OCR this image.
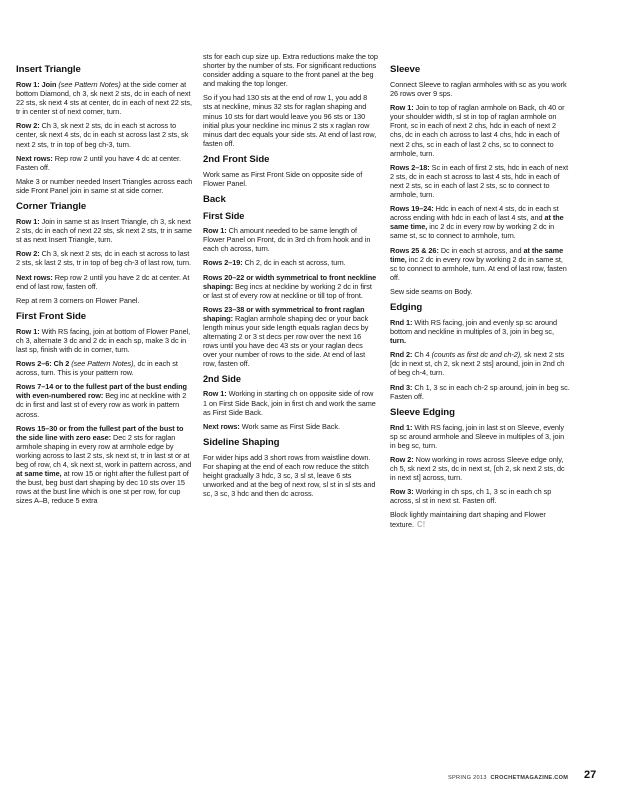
Insert Triangle

Row 1: Join (see Pattern Notes) at the side corner at bottom Diamond, ch 3, sk next 2 sts, dc in each of next 22 sts, sk next 4 sts at center, dc in each of next 22 sts, tr in center st of next corner, turn.

Row 2: Ch 3, sk next 2 sts, dc in each st across to center, sk next 4 sts, dc in each st across last 2 sts, sk next 2 sts, tr in top of beg ch-3, turn.

Next rows: Rep row 2 until you have 4 dc at center. Fasten off.

Make 3 or number needed Insert Triangles across each side Front Panel join in same st at side corner.

Corner Triangle

Row 1: Join in same st as Insert Triangle, ch 3, sk next 2 sts, dc in each of next 22 sts, sk next 2 sts, tr in same st as next Insert Triangle, turn.

Row 2: Ch 3, sk next 2 sts, dc in each st across to last 2 sts, sk last 2 sts, tr in top of beg ch-3 of last row, turn.

Next rows: Rep row 2 until you have 2 dc at center. At end of last row, fasten off.

Rep at rem 3 corners on Flower Panel.

First Front Side

Row 1: With RS facing, join at bottom of Flower Panel, ch 3, alternate 3 dc and 2 dc in each sp, make 3 dc in last sp, finish with dc in corner, turn.

Rows 2–6: Ch 2 (see Pattern Notes), dc in each st across, turn. This is your pattern row.

Rows 7–14 or to the fullest part of the bust ending with even-numbered row: Beg inc at neckline with 2 dc in first and last st of every row as work in pattern across.

Rows 15–30 or from the fullest part of the bust to the side line with zero ease: Dec 2 sts for raglan armhole shaping in every row at armhole edge by working across to last 2 sts, sk next st, tr in last st or at beg of row, ch 4, sk next st, work in pattern across, and at same time, at row 15 or right after the fullest part of the bust, beg bust dart shaping by dec 10 sts over 15 rows at the bust line which is one st per row, for cup sizes A–B, reduce 5 extra

sts for each cup size up. Extra reductions make the top shorter by the number of sts. For significant reductions consider adding a square to the front panel at the beg and making the top longer.

So if you had 130 sts at the end of row 1, you add 8 sts at neckline, minus 32 sts for raglan shaping and minus 10 sts for dart would leave you 96 sts or 130 initial plus your neckline inc minus 2 sts x raglan row minus dart dec equals your side sts. At end of last row, fasten off.

2nd Front Side

Work same as First Front Side on opposite side of Flower Panel.

Back
First Side

Row 1: Ch amount needed to be same length of Flower Panel on Front, dc in 3rd ch from hook and in each ch across, turn.

Rows 2–19: Ch 2, dc in each st across, turn.

Rows 20–22 or width symmetrical to front neckline shaping: Beg incs at neckline by working 2 dc in first or last st of every row at neckline or till top of front.

Rows 23–38 or with symmetrical to front raglan shaping: Raglan armhole shaping dec or your back length minus your side length equals raglan decs by alternating 2 or 3 st decs per row over the next 16 rows until you have dec 43 sts or your raglan decs over your number of rows to the side. At end of last row, fasten off.

2nd Side

Row 1: Working in starting ch on opposite side of row 1 on First Side Back, join in first ch and work the same as First Side Back.

Next rows: Work same as First Side Back.

Sideline Shaping

For wider hips add 3 short rows from waistline down. For shaping at the end of each row reduce the stitch height gradually 3 hdc, 3 sc, 3 sl st, leave 6 sts unworked and at the beg of next row, sl st in sl sts and sc, 3 sc, 3 hdc and then dc across.

Sleeve

Connect Sleeve to raglan armholes with sc as you work 26 rows over 9 sps.

Row 1: Join to top of raglan armhole on Back, ch 40 or your shoulder width, sl st in top of raglan armhole on Front, sc in each of next 2 chs, hdc in each of next 2 chs, dc in each ch across to last 4 chs, hdc in each of next 2 chs, sc in each of last 2 chs, sc to connect to armhole, turn.

Rows 2–18: Sc in each of first 2 sts, hdc in each of next 2 sts, dc in each st across to last 4 sts, hdc in each of next 2 sts, sc in each of last 2 sts, sc to connect to armhole, turn.

Rows 19–24: Hdc in each of next 4 sts, dc in each st across ending with hdc in each of last 4 sts, and at the same time, inc 2 dc in every row by working 2 dc in same st, sc to connect to armhole, turn.

Rows 25 & 26: Dc in each st across, and at the same time, inc 2 dc in every row by working 2 dc in same st, sc to connect to armhole, turn. At end of last row, fasten off.

Sew side seams on Body.

Edging

Rnd 1: With RS facing, join and evenly sp sc around bottom and neckline in multiples of 3, join in beg sc, turn.

Rnd 2: Ch 4 (counts as first dc and ch-2), sk next 2 sts [dc in next st, ch 2, sk next 2 sts] around, join in 2nd ch of beg ch-4, turn.

Rnd 3: Ch 1, 3 sc in each ch-2 sp around, join in beg sc. Fasten off.

Sleeve Edging

Rnd 1: With RS facing, join in last st on Sleeve, evenly sp sc around armhole and Sleeve in multiples of 3, join in beg sc, turn.

Row 2: Now working in rows across Sleeve edge only, ch 5, sk next 2 sts, dc in next st, [ch 2, sk next 2 sts, dc in next st] across, turn.

Row 3: Working in ch sps, ch 1, 3 sc in each ch sp across, sl st in next st. Fasten off.

Block lightly maintaining dart shaping and Flower texture. C!

SPRING 2013 CROCHETMAGAZINE.COM 27
